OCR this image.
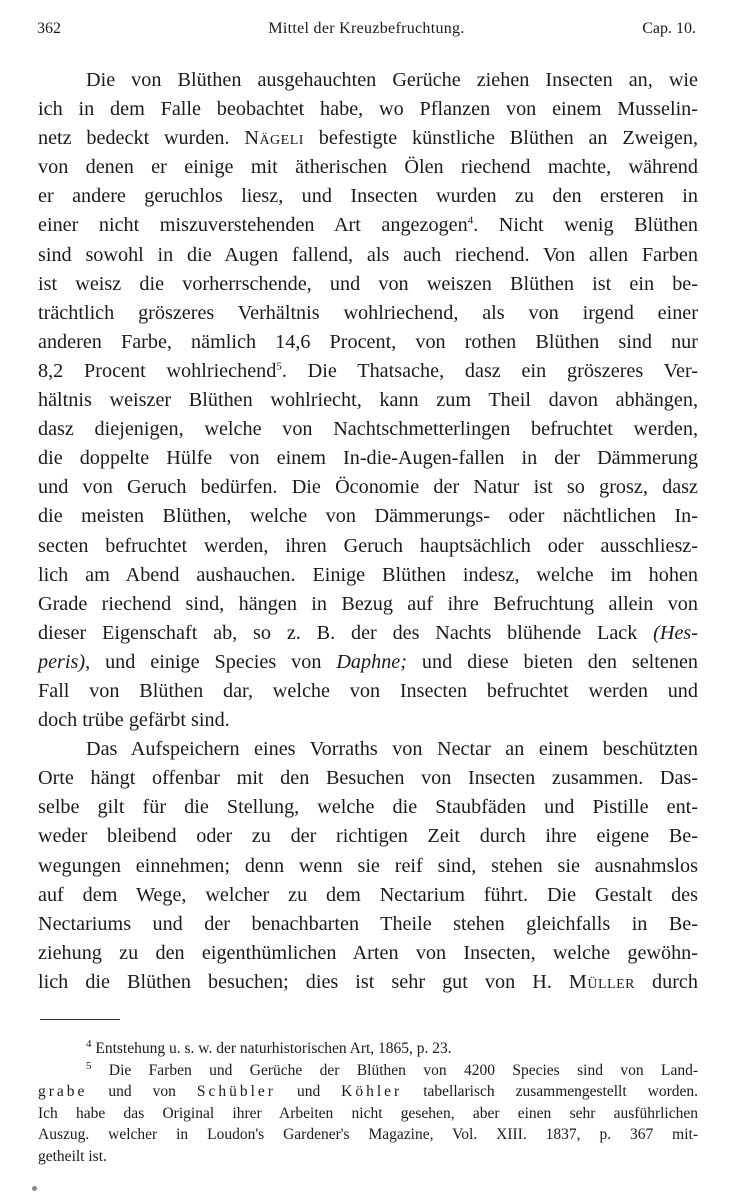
362	Mittel der Kreuzbefruchtung.	Cap. 10.
Die von Blüthen ausgehauchten Gerüche ziehen Insecten an, wie
ich in dem Falle beobachtet habe, wo Pflanzen von einem Musselin-
netz bedeckt wurden. Nägeli befestigte künstliche Blüthen an Zweigen,
von denen er einige mit ätherischen Ölen riechend machte, während
er andere geruchlos liesz, und Insecten wurden zu den ersteren in
einer nicht miszuverstehenden Art angezogen$^4$. Nicht wenig Blüthen
sind sowohl in die Augen fallend, als auch riechend. Von allen Farben
ist weisz die vorherrschende, und von weiszen Blüthen ist ein be-
trächtlich gröszeres Verhältnis wohlriechend, als von irgend einer
anderen Farbe, nämlich 14,6 Procent, von rothen Blüthen sind nur
8,2 Procent wohlriechend$^5$. Die Thatsache, dasz ein gröszeres Ver-
hältnis weiszer Blüthen wohlriecht, kann zum Theil davon abhängen,
dasz diejenigen, welche von Nachtschmetterlingen befruchtet werden,
die doppelte Hülfe von einem In-die-Augen-fallen in der Dämmerung
und von Geruch bedürfen. Die Öconomie der Natur ist so grosz, dasz
die meisten Blüthen, welche von Dämmerungs- oder nächtlichen In-
secten befruchtet werden, ihren Geruch hauptsächlich oder ausschliesz-
lich am Abend aushauchen. Einige Blüthen indesz, welche im hohen
Grade riechend sind, hängen in Bezug auf ihre Befruchtung allein von
dieser Eigenschaft ab, so z. B. der des Nachts blühende Lack (Hes-
peris), und einige Species von Daphne; und diese bieten den seltenen
Fall von Blüthen dar, welche von Insecten befruchtet werden und
doch trübe gefärbt sind.
Das Aufspeichern eines Vorraths von Nectar an einem beschützten
Orte hängt offenbar mit den Besuchen von Insecten zusammen. Das-
selbe gilt für die Stellung, welche die Staubfäden und Pistille ent-
weder bleibend oder zu der richtigen Zeit durch ihre eigene Be-
wegungen einnehmen; denn wenn sie reif sind, stehen sie ausnahmslos
auf dem Wege, welcher zu dem Nectarium führt. Die Gestalt des
Nectariums und der benachbarten Theile stehen gleichfalls in Be-
ziehung zu den eigenthümlichen Arten von Insecten, welche gewöhn-
lich die Blüthen besuchen; dies ist sehr gut von H. Müller durch
$^4$ Entstehung u. s. w. der naturhistorischen Art, 1865, p. 23.
$^5$ Die Farben und Gerüche der Blüthen von 4200 Species sind von Land-
grabe und von Schübler und Köhler tabellarisch zusammengestellt worden.
Ich habe das Original ihrer Arbeiten nicht gesehen, aber einen sehr ausführlichen
Auszug. welcher in Loudon's Gardener's Magazine, Vol. XIII. 1837, p. 367 mit-
getheilt ist.
